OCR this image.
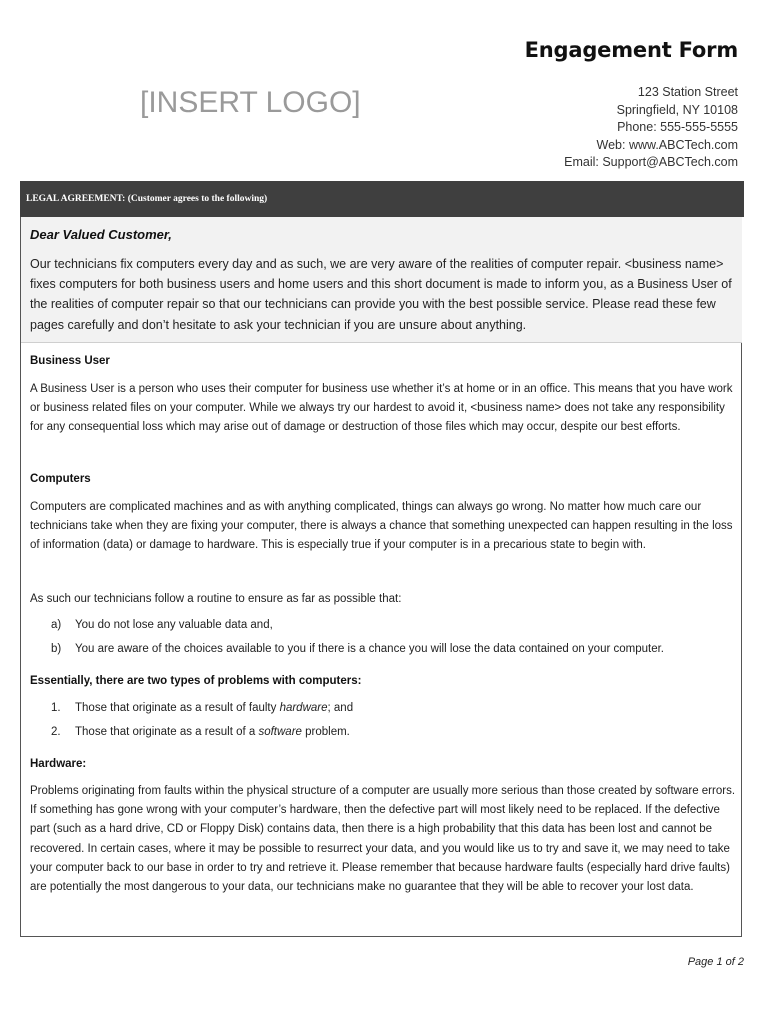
Engagement Form
[INSERT LOGO]	123 Station Street
Springfield, NY 10108
Phone: 555-555-5555
Web: www.ABCTech.com
Email: Support@ABCTech.com
LEGAL AGREEMENT: (Customer agrees to the following)
Dear Valued Customer,
Our technicians fix computers every day and as such, we are very aware of the realities of computer repair. <business name> fixes computers for both business users and home users and this short document is made to inform you, as a Business User of the realities of computer repair so that our technicians can provide you with the best possible service. Please read these few pages carefully and don’t hesitate to ask your technician if you are unsure about anything.
Business User
A Business User is a person who uses their computer for business use whether it’s at home or in an office. This means that you have work or business related files on your computer. While we always try our hardest to avoid it, <business name> does not take any responsibility for any consequential loss which may arise out of damage or destruction of those files which may occur, despite our best efforts.
Computers
Computers are complicated machines and as with anything complicated, things can always go wrong. No matter how much care our technicians take when they are fixing your computer, there is always a chance that something unexpected can happen resulting in the loss of information (data) or damage to hardware. This is especially true if your computer is in a precarious state to begin with.
As such our technicians follow a routine to ensure as far as possible that:
a) You do not lose any valuable data and,
b) You are aware of the choices available to you if there is a chance you will lose the data contained on your computer.
Essentially, there are two types of problems with computers:
1. Those that originate as a result of faulty hardware; and
2. Those that originate as a result of a software problem.
Hardware:
Problems originating from faults within the physical structure of a computer are usually more serious than those created by software errors. If something has gone wrong with your computer’s hardware, then the defective part will most likely need to be replaced. If the defective part (such as a hard drive, CD or Floppy Disk) contains data, then there is a high probability that this data has been lost and cannot be recovered. In certain cases, where it may be possible to resurrect your data, and you would like us to try and save it, we may need to take your computer back to our base in order to try and retrieve it. Please remember that because hardware faults (especially hard drive faults) are potentially the most dangerous to your data, our technicians make no guarantee that they will be able to recover your lost data.
Page 1 of 2
